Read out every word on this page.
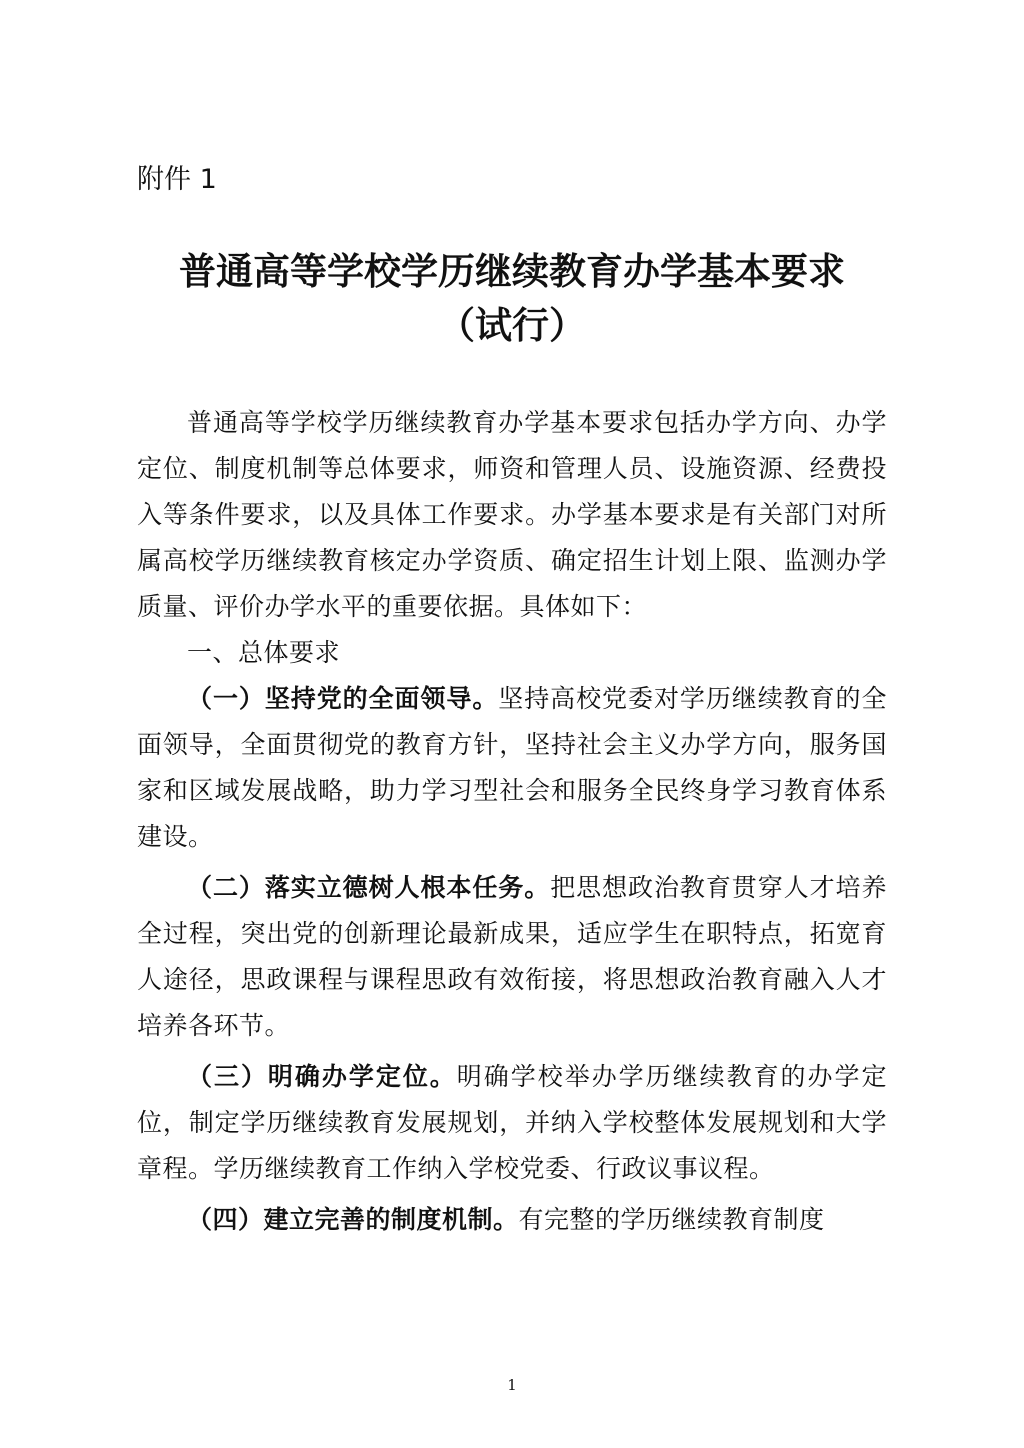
附件 1
普通高等学校学历继续教育办学基本要求
（试行）

普通高等学校学历继续教育办学基本要求包括办学方向、办学定位、制度机制等总体要求，师资和管理人员、设施资源、经费投入等条件要求，以及具体工作要求。办学基本要求是有关部门对所属高校学历继续教育核定办学资质、确定招生计划上限、监测办学质量、评价办学水平的重要依据。具体如下：

一、总体要求

（一）坚持党的全面领导。坚持高校党委对学历继续教育的全面领导，全面贯彻党的教育方针，坚持社会主义办学方向，服务国家和区域发展战略，助力学习型社会和服务全民终身学习教育体系建设。

（二）落实立德树人根本任务。把思想政治教育贯穿人才培养全过程，突出党的创新理论最新成果，适应学生在职特点，拓宽育人途径，思政课程与课程思政有效衔接，将思想政治教育融入人才培养各环节。

（三）明确办学定位。明确学校举办学历继续教育的办学定位，制定学历继续教育发展规划，并纳入学校整体发展规划和大学章程。学历继续教育工作纳入学校党委、行政议事议程。

（四）建立完善的制度机制。有完整的学历继续教育制度

1
